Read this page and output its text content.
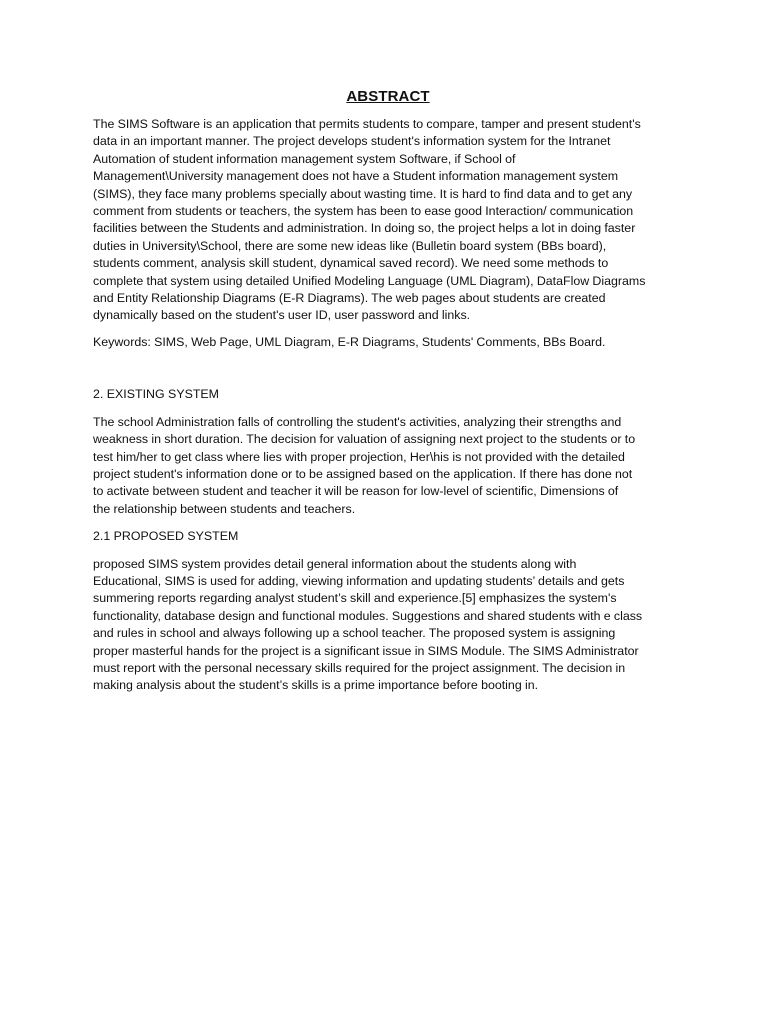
ABSTRACT

The SIMS Software is an application that permits students to compare, tamper and present student's
data in an important manner. The project develops student's information system for the Intranet
Automation of student information management system Software, if School of
Management\University management does not have a Student information management system
(SIMS), they face many problems specially about wasting time. It is hard to find data and to get any
comment from students or teachers, the system has been to ease good Interaction/ communication
facilities between the Students and administration. In doing so, the project helps a lot in doing faster
duties in University\School, there are some new ideas like (Bulletin board system (BBs board),
students comment, analysis skill student, dynamical saved record). We need some methods to
complete that system using detailed Unified Modeling Language (UML Diagram), DataFlow Diagrams
and Entity Relationship Diagrams (E-R Diagrams). The web pages about students are created
dynamically based on the student's user ID, user password and links.

Keywords: SIMS, Web Page, UML Diagram, E-R Diagrams, Students' Comments, BBs Board.

2. EXISTING SYSTEM

The school Administration falls of controlling the student's activities, analyzing their strengths and
weakness in short duration. The decision for valuation of assigning next project to the students or to
test him/her to get class where lies with proper projection, Her\his is not provided with the detailed
project student's information done or to be assigned based on the application. If there has done not
to activate between student and teacher it will be reason for low-level of scientific, Dimensions of
the relationship between students and teachers.

2.1 PROPOSED SYSTEM

proposed SIMS system provides detail general information about the students along with
Educational, SIMS is used for adding, viewing information and updating students’ details and gets
summering reports regarding analyst student’s skill and experience.[5] emphasizes the system's
functionality, database design and functional modules. Suggestions and shared students with e class
and rules in school and always following up a school teacher. The proposed system is assigning
proper masterful hands for the project is a significant issue in SIMS Module. The SIMS Administrator
must report with the personal necessary skills required for the project assignment. The decision in
making analysis about the student’s skills is a prime importance before booting in.
